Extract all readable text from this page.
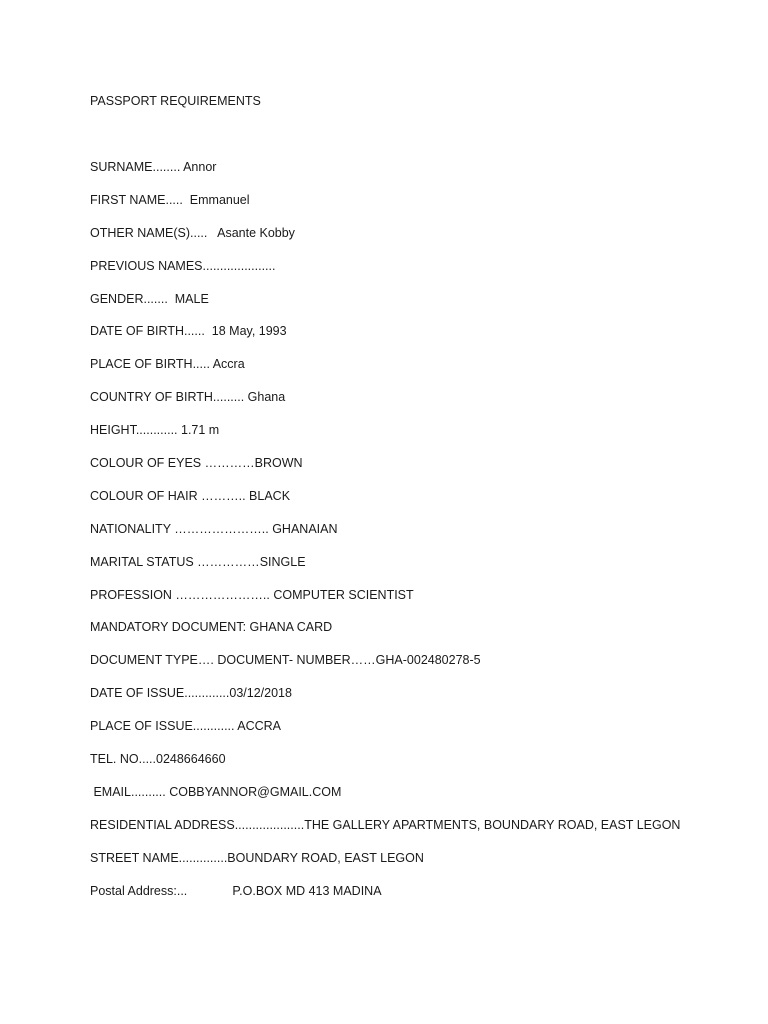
PASSPORT REQUIREMENTS
SURNAME........ Annor
FIRST NAME.....  Emmanuel
OTHER NAME(S).....   Asante Kobby
PREVIOUS NAMES.....................
GENDER.......  MALE
DATE OF BIRTH......  18 May, 1993
PLACE OF BIRTH..... Accra
COUNTRY OF BIRTH......... Ghana
HEIGHT............ 1.71 m
COLOUR OF EYES …………BROWN
COLOUR OF HAIR ……….. BLACK
NATIONALITY ………………….. GHANAIAN
MARITAL STATUS ……………SINGLE
PROFESSION ………………….. COMPUTER SCIENTIST
MANDATORY DOCUMENT: GHANA CARD
DOCUMENT TYPE…. DOCUMENT- NUMBER……GHA-002480278-5
DATE OF ISSUE.............03/12/2018
PLACE OF ISSUE............ ACCRA
TEL. NO.....0248664660
EMAIL.......... COBBYANNOR@GMAIL.COM
RESIDENTIAL ADDRESS....................THE GALLERY APARTMENTS, BOUNDARY ROAD, EAST LEGON
STREET NAME..............BOUNDARY ROAD, EAST LEGON
Postal Address:...             P.O.BOX MD 413 MADINA
